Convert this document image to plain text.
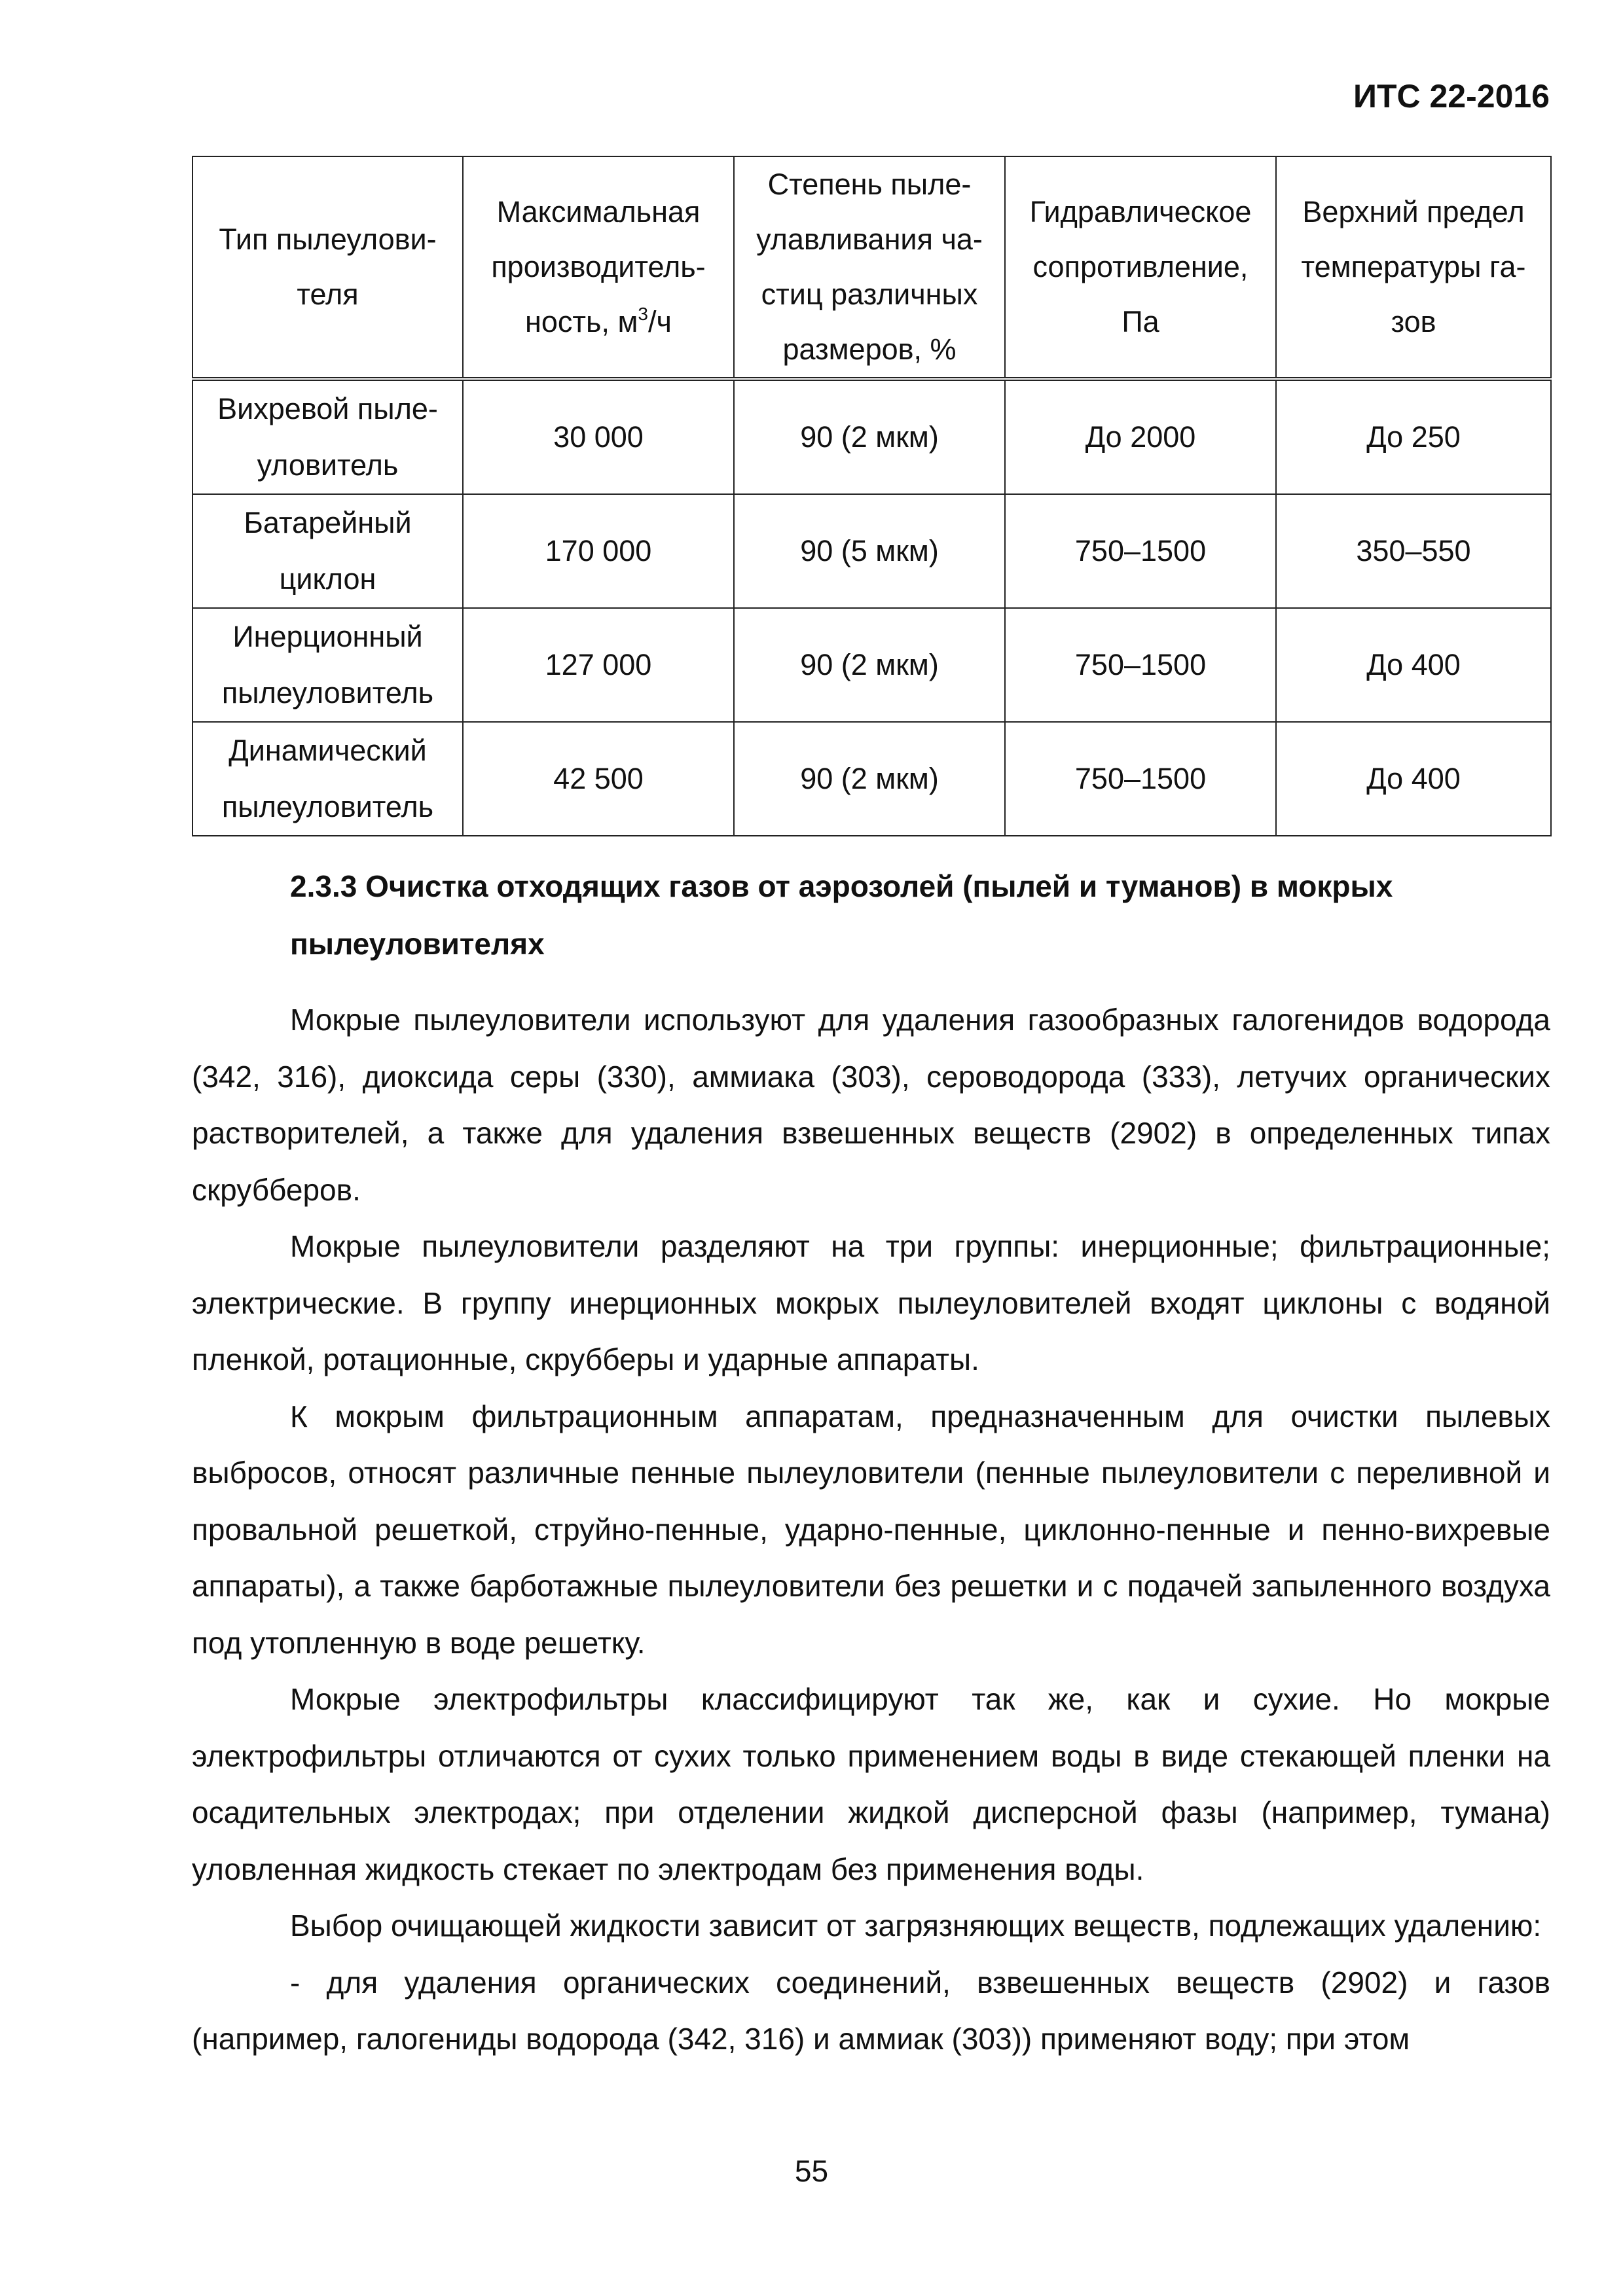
ИТС 22-2016
Тип пылеулови-теля	Максимальная производитель-ность, $м^3/ч$	Степень пыле-улавливания ча-стиц различных размеров, %	Гидравлическое сопротивление, Па	Верхний предел температуры га-зов
Вихревой пыле-уловитель	30 000	90 (2 мкм)	До 2000	До 250
Батарейный циклон	170 000	90 (5 мкм)	750–1500	350–550
Инерционный пылеуловитель	127 000	90 (2 мкм)	750–1500	До 400
Динамический пылеуловитель	42 500	90 (2 мкм)	750–1500	До 400
2.3.3 Очистка отходящих газов от аэрозолей (пылей и туманов) в мокрых пылеуловителях

Мокрые пылеуловители используют для удаления газообразных галогенидов водорода (342, 316), диоксида серы (330), аммиака (303), сероводорода (333), летучих органических растворителей, а также для удаления взвешенных веществ (2902) в определенных типах скрубберов.

Мокрые пылеуловители разделяют на три группы: инерционные; фильтрационные; электрические. В группу инерционных мокрых пылеуловителей входят циклоны с водяной пленкой, ротационные, скрубберы и ударные аппараты.

К мокрым фильтрационным аппаратам, предназначенным для очистки пылевых выбросов, относят различные пенные пылеуловители (пенные пылеуловители с переливной и провальной решеткой, струйно-пенные, ударно-пенные, циклонно-пенные и пенно-вихревые аппараты), а также барботажные пылеуловители без решетки и с подачей запыленного воздуха под утопленную в воде решетку.

Мокрые электрофильтры классифицируют так же, как и сухие. Но мокрые электрофильтры отличаются от сухих только применением воды в виде стекающей пленки на осадительных электродах; при отделении жидкой дисперсной фазы (например, тумана) уловленная жидкость стекает по электродам без применения воды.

Выбор очищающей жидкости зависит от загрязняющих веществ, подлежащих удалению:

- для удаления органических соединений, взвешенных веществ (2902) и газов (например, галогениды водорода (342, 316) и аммиак (303)) применяют воду; при этом

55
